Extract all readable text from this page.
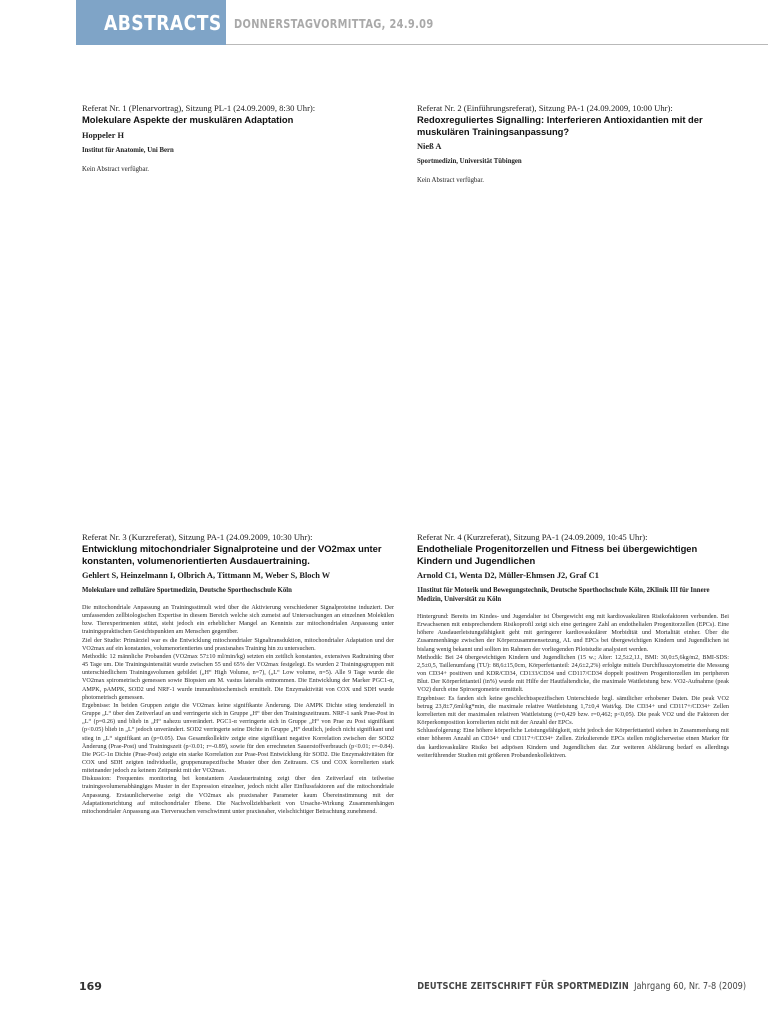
ABSTRACTS DONNERSTAGVORMITTAG, 24.9.09

Referat Nr. 1 (Plenarvortrag), Sitzung PL-1 (24.09.2009, 8:30 Uhr):

Molekulare Aspekte der muskulären Adaptation

Hoppeler H

Institut für Anatomie, Uni Bern

Kein Abstract verfügbar.

Referat Nr. 2 (Einführungsreferat), Sitzung PA-1 (24.09.2009, 10:00 Uhr):

Redoxreguliertes Signalling: Interferieren Antioxidantien mit der muskulären Trainingsanpassung?

Nieß A

Sportmedizin, Universität Tübingen

Kein Abstract verfügbar.

Referat Nr. 3 (Kurzreferat), Sitzung PA-1 (24.09.2009, 10:30 Uhr):

Entwicklung mitochondrialer Signalproteine und der VO2max unter konstanten, volumenorientierten Ausdauertraining.

Gehlert S, Heinzelmann I, Olbrich A, Tittmann M, Weber S, Bloch W

Molekulare und zelluläre Sportmedizin, Deutsche Sporthochschule Köln

Die mitochondriale Anpassung an Trainingsstimuli wird über die Aktivierung verschiedener Signalproteine induziert. Der umfassenden zellbiologischen Expertise in diesem Bereich welche sich zumeist auf Untersuchungen an einzelnen Molekülen bzw. Tierexperimenten stützt, steht jedoch ein erheblicher Mangel an Kenntnis zur mitochondrialen Anpassung unter trainingspraktischen Gesichtspunkten am Menschen gegenüber.

Ziel der Studie: Primärziel war es die Entwicklung mitochondrialer Signaltransduktion, mitochondrialer Adaptation und der VO2max auf ein konstantes, volumenorientiertes und praxisnahes Training hin zu untersuchen.

Methodik: 12 männliche Probanden (VO2max 57±10 ml/min/kg) setzten ein zeitlich konstantes, extensives Radtraining über 45 Tage um. Die Trainingsintensität wurde zwischen 55 und 65% der VO2max festgelegt. Es wurden 2 Trainingsgruppen mit unterschiedlichem Trainingsvolumen gebildet („H“ High Volume, n=7), („L“ Low volume, n=5). Alle 9 Tage wurde die VO2max spirometrisch gemessen sowie Biopsien am M. vastus lateralis entnommen. Die Entwicklung der Marker PGC1-α, AMPK, pAMPK, SOD2 und NRF-1 wurde immunhistochemisch ermittelt. Die Enzymaktivität von COX und SDH wurde photometrisch gemessen.

Ergebnisse: In beiden Gruppen zeigte die VO2max keine signifikante Änderung. Die AMPK Dichte stieg tendenziell in Gruppe „L“ über den Zeitverlauf an und verringerte sich in Gruppe „H“ über den Trainingszeitraum. NRF-1 sank Prae-Post in „L“ (p=0.26) und blieb in „H“ nahezu unverändert. PGC1-α verringerte sich in Gruppe „H“ von Prae zu Post signifikant (p<0.05) blieb in „L“ jedoch unverändert. SOD2 verringerte seine Dichte in Gruppe „H“ deutlich, jedoch nicht signifikant und stieg in „L“ signifikant an (p=0.05). Das Gesamtkollektiv zeigte eine signifikant negative Korrelation zwischen der SOD2 Änderung (Prae-Post) und Trainingszeit (p<0.01; r=-0.89), sowie für den errechneten Sauerstoffverbrauch (p<0.01; r=-0.84). Die PGC-1α Dichte (Prae-Post) zeigte ein starke Korrelation zur Prae-Post Entwicklung für SOD2. Die Enzymaktivitäten für COX und SDH zeigten individuelle, gruppenunspezifische Muster über den Zeitraum. CS und COX korrelierten stark miteinander jedoch zu keinem Zeitpunkt mit der VO2max.

Diskussion: Frequentes monitoring bei konstantem Ausdauertraining zeigt über den Zeitverlauf ein teilweise trainingsvolumenabhängiges Muster in der Expression einzelner, jedoch nicht aller Einflussfaktoren auf die mitochondriale Anpassung. Erstaunlicherweise zeigt die VO2max als praxisnaher Parameter kaum Übereinstimmung mit der Adaptationsrichtung auf mitochondrialer Ebene. Die Nachvollziehbarkeit von Ursache-Wirkung Zusammenhängen mitochondrialer Anpassung aus Tierversuchen verschwimmt unter praxisnaher, vielschichtiger Betrachtung zunehmend.

Referat Nr. 4 (Kurzreferat), Sitzung PA-1 (24.09.2009, 10:45 Uhr):

Endotheliale Progenitorzellen und Fitness bei übergewichtigen Kindern und Jugendlichen

Arnold C1, Wenta D2, Müller-Ehmsen J2, Graf C1

1Institut für Motorik und Bewegungstechnik, Deutsche Sporthochschule Köln, 2Klinik III für Innere Medizin, Universität zu Köln

Hintergrund: Bereits im Kindes- und Jugendalter ist Übergewicht eng mit kardiovaskulären Risikofaktoren verbunden. Bei Erwachsenen mit entsprechendem Risikoprofil zeigt sich eine geringere Zahl an endothelialen Progenitorzellen (EPCs). Eine höhere Ausdauerleistungsfähigkeit geht mit geringerer kardiovaskulärer Morbidität und Mortalität einher. Über die Zusammenhänge zwischen der Körperzusammensetzung, AL und EPCs bei übergewichtigen Kindern und Jugendlichen ist bislang wenig bekannt und sollten im Rahmen der vorliegenden Pilotstudie analysiert werden.

Methodik: Bei 24 übergewichtigen Kindern und Jugendlichen (15 w.; Alter: 12,5±2,1J., BMI: 30,0±5,6kg/m2, BMI-SDS: 2,5±0,5, Taillenumfang (TU): 88,6±15,0cm, Körperfettanteil: 24,6±2,2%) erfolgte mittels Durchflusszytometrie die Messung von CD34+ positiven und KDR/CD34, CD133/CD34 und CD117/CD34 doppelt positiven Progenitorzellen im peripheren Blut. Der Körperfettanteil (in%) wurde mit Hilfe der Hautfaltendicke, die maximale Wattleistung bzw. VO2-Aufnahme (peak VO2) durch eine Spiroergometrie ermittelt.

Ergebnisse: Es fanden sich keine geschlechtsspezifischen Unterschiede bzgl. sämtlicher erhobener Daten. Die peak VO2 betrug 23,8±7,6ml/kg*min, die maximale relative Wattleistung 1,7±0,4 Watt/kg. Die CD34+ und CD117+/CD34+ Zellen korrelierten mit der maximalen relativen Wattleistung (r=0,429 bzw. r=0,462; p<0,05). Die peak VO2 und die Faktoren der Körperkomposition korrelierten nicht mit der Anzahl der EPCs.

Schlussfolgerung: Eine höhere körperliche Leistungsfähigkeit, nicht jedoch der Körperfettanteil stehen in Zusammenhang mit einer höheren Anzahl an CD34+ und CD117+/CD34+ Zellen. Zirkulierende EPCs stellen möglicherweise einen Marker für das kardiovaskuläre Risiko bei adipösen Kindern und Jugendlichen dar. Zur weiteren Abklärung bedarf es allerdings weiterführender Studien mit größeren Probandenkollektiven.

169	DEUTSCHE ZEITSCHRIFT FÜR SPORTMEDIZIN Jahrgang 60, Nr. 7-8 (2009)
